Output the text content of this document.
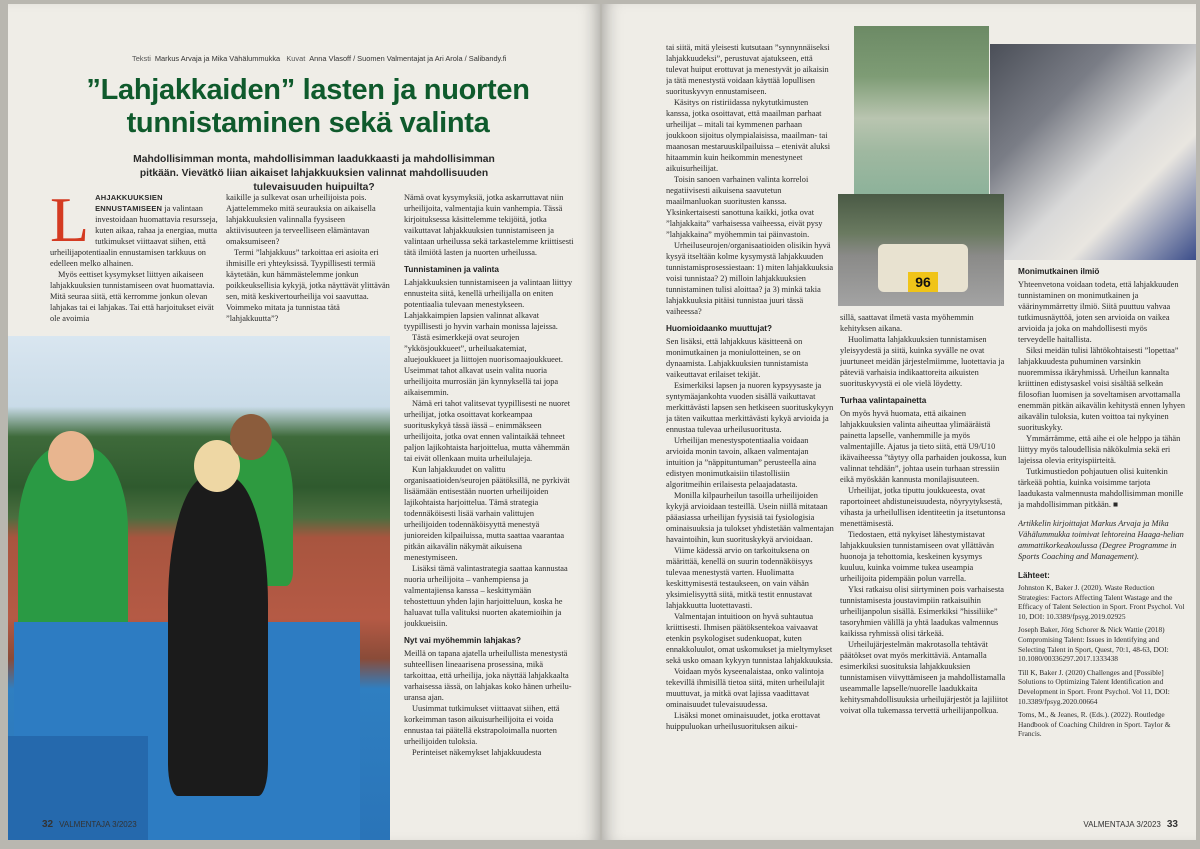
Teksti Markus Arvaja ja Mika Vähälummukka Kuvat Anna Vlasoff / Suomen Valmentajat ja Ari Arola / Salibandy.fi
”Lahjakkaiden” lasten ja nuorten tunnistaminen sekä valinta

Mahdollisimman monta, mahdollisimman laadukkaasti ja mahdollisimman pitkään. Vievätkö liian aikaiset lahjakkuuksien valinnat mahdollisuuden tulevaisuuden huipuilta?

L AHJAKKUUKSIEN ENNUSTAMISEEN ja valintaan investoidaan huomattavia resursseja, kuten aikaa, rahaa ja energiaa, mutta tutkimukset viittaavat siihen, että urheilijapotentiaalin ennustamisen tarkkuus on edelleen melko alhainen.

Myös eettiset kysymykset liittyen aikaiseen lahjakkuuksien tunnistamiseen ovat huomattavia. Mitä seuraa siitä, että kerromme jonkun olevan lahjakas tai ei lahjakas. Tai että harjoitukset eivät ole avoimia

kaikille ja sulkevat osan urheilijoista pois. Ajattelemmeko mitä seurauksia on aikaisella lahjakkuuksien valinnalla fyysiseen aktiivisuuteen ja terveelliseen elämäntavan omaksumiseen?

Termi ”lahjakkuus” tarkoittaa eri asioita eri ihmisille eri yhteyksissä. Tyypillisesti termiä käytetään, kun hämmästelemme jonkun poikkeuksellisia kykyjä, jotka näyttävät ylittävän sen, mitä keskivertourheilija voi saavuttaa. Voimmeko mitata ja tunnistaa tätä ”lahjakkuutta”?

Nämä ovat kysymyksiä, jotka askarruttavat niin urheilijoita, valmentajia kuin vanhempia. Tässä kirjoituksessa käsittelemme tekijöitä, jotka vaikuttavat lahjakkuuksien tunnistamiseen ja valintaan urheilussa sekä tarkastelemme kriittisesti tätä ilmiötä lasten ja nuorten urheilussa.

Tunnistaminen ja valinta

Lahjakkuuksien tunnistamiseen ja valintaan liittyy ennusteita siitä, kenellä urheilijalla on eniten potentiaalia tulevaan menestykseen. Lahjakkaimpien lapsien valinnat alkavat tyypillisesti jo hyvin varhain monissa lajeissa.

Tästä esimerkkejä ovat seurojen ”ykkösjoukkueet”, urheiluakatemiat, aluejoukkueet ja liittojen nuorisomaajoukkueet. Useimmat tahot alkavat usein valita nuoria urheilijoita murrosiän jän kynnyksellä tai jopa aikaisemmin.

Nämä eri tahot valitsevat tyypillisesti ne nuoret urheilijat, jotka osoittavat korkeampaa suorituskykyä tässä iässä – enimmäkseen urheilijoita, jotka ovat ennen valintaikää tehneet paljon lajikohtaista harjoittelua, mutta vähemmän tai eivät ollenkaan muita urheilulajeja.

Kun lahjakkuudet on valittu organisaatioiden/seurojen päätöksillä, ne pyrkivät lisäämään entisestään nuorten urheilijoiden lajikohtaista harjoittelua. Tämä strategia todennäköisesti lisää varhain valittujen urheilijoiden todennäköisyyttä menestyä junioreiden kilpailuissa, mutta saattaa vaarantaa pitkän aikavälin näkymät aikuisena menestymiseen.

Lisäksi tämä valintastrategia saattaa kannustaa nuoria urheilijoita – vanhempiensa ja valmentajiensa kanssa – keskittymään tehostettuun yhden lajin harjoitteluun, koska he haluavat tulla valituksi nuorten akatemioihin ja joukkueisiin.

Nyt vai myöhemmin lahjakas?

Meillä on tapana ajatella urheilullista menestystä suhteellisen lineaarisena prosessina, mikä tarkoittaa, että urheilija, joka näyttää lahjakkaalta varhaisessa iässä, on lahjakas koko hänen urheilu-uransa ajan.

Uusimmat tutkimukset viittaavat siihen, että korkeimman tason aikuisurheilijoita ei voida ennustaa tai päätellä ekstrapoloimalla nuorten urheilijoiden tuloksia.

Perinteiset näkemykset lahjakkuudesta

32 VALMENTAJA 3/2023

tai siitä, mitä yleisesti kutsutaan ”synnynnäiseksi lahjakkuudeksi”, perustuvat ajatukseen, että tulevat huiput erottuvat ja menestyvät jo aikaisin ja tätä menestystä voidaan käyttää lopullisen suorituskyvyn ennustamiseen.

Käsitys on ristiriidassa nykytutkimusten kanssa, jotka osoittavat, että maailman parhaat urheilijat – mitali tai kymmenen parhaan joukkoon sijoitus olympialaisissa, maailman- tai maanosan mestaruuskilpailuissa – etenivät aluksi hitaammin kuin heikommin menestyneet aikuisurheilijat.

Toisin sanoen varhainen valinta korreloi negatiivisesti aikuisena saavutetun maailmanluokan suoritusten kanssa. Yksinkertaisesti sanottuna kaikki, jotka ovat ”lahjakkaita” varhaisessa vaiheessa, eivät pysy ”lahjakkaina” myöhemmin tai päinvastoin.

Urheiluseurojen/organisaatioiden olisikin hyvä kysyä itseltään kolme kysymystä lahjakkuuden tunnistamisprosessiestaan: 1) miten lahjakkuuksia voisi tunnistaa? 2) milloin lahjakkuuksien tunnistaminen tulisi aloittaa? ja 3) minkä takia lahjakkuuksia pitäisi tunnistaa juuri tässä vaiheessa?

Huomioidaanko muuttujat?

Sen lisäksi, että lahjakkuus käsitteenä on monimutkainen ja moniulotteinen, se on dynaamista. Lahjakkuuksien tunnistamista vaikeuttavat erilaiset tekijät.

Esimerkiksi lapsen ja nuoren kypsyysaste ja syntymäajankohta vuoden sisällä vaikuttavat merkittävästi lapsen sen hetkiseen suorituskykyyn ja täten vaikuttaa merkittävästi kykyä arvioida ja ennustaa tulevaa urheilusuoritusta.

Urheilijan menestyspotentiaalia voidaan arvioida monin tavoin, alkaen valmentajan intuition ja ”näppituntuman” perusteella aina edistyen monimutkaisiin tilastollisiin algoritmeihin erilaisesta pelaajadatasta.

Monilla kilpaurheilun tasoilla urheilijoiden kykyjä arvioidaan testeillä. Usein niillä mitataan pääasiassa urheilijan fyysisiä tai fysiologisia ominaisuuksia ja tulokset yhdistetään valmentajan havaintoihin, kun suorituskykyä arvioidaan.

Viime kädessä arvio on tarkoituksena on määrittää, kenellä on suurin todennäköisyys tulevaa menestystä varten. Huolimatta keskittymisestä testaukseen, on vain vähän yksimielisyyttä siitä, mitkä testit ennustavat lahjakkuutta luotettavasti.

Valmentajan intuitioon on hyvä suhtautua kriittisesti. Ihmisen päätöksentekoa vaivaavat etenkin psykologiset sudenkuopat, kuten ennakkoluulot, omat uskomukset ja mieltymykset sekä usko omaan kykyyn tunnistaa lahjakkuuksia.

Voidaan myös kyseenalaistaa, onko valintoja tekevillä ihmisillä tietoa siitä, miten urheilulajit muuttuvat, ja mitkä ovat lajissa vaadittavat ominaisuudet tulevaisuudessa.

Lisäksi monet ominaisuudet, jotka erottavat huippuluokan urheilusuorituksen aikui-

sillä, saattavat ilmetä vasta myöhemmin kehityksen aikana.

Huolimatta lahjakkuuksien tunnistamisen yleisyydestä ja siitä, kuinka syvälle ne ovat juurtuneet meidän järjestelmiimme, luotettavia ja päteviä varhaisia indikaattoreita aikuisten suorituskyvystä ei ole vielä löydetty.

Turhaa valintapainetta

On myös hyvä huomata, että aikainen lahjakkuuksien valinta aiheuttaa ylimääräistä painetta lapselle, vanhemmille ja myös valmentajille. Ajatus ja tieto siitä, että U9/U10 ikävaiheessa ”täytyy olla parhaiden joukossa, kun valinnat tehdään”, johtaa usein turhaan stressiin eikä myöskään kannusta monilajisuuteen.

Urheilijat, jotka tiputtu joukkueesta, ovat raportoineet ahdistuneisuudesta, nöyryytyksestä, vihasta ja urheilullisen identiteetin ja itsetuntonsa menettämisestä.

Tiedostaen, että nykyiset lähestymistavat lahjakkuuksien tunnistamiseen ovat yllättävän huonoja ja tehottomia, keskeinen kysymys kuuluu, kuinka voimme tukea useampia urheilijoita pidempään polun varrella.

Yksi ratkaisu olisi siirtyminen pois varhaisesta tunnistamisesta joustavimpiin ratkaisuihin urheilijanpolun sisällä. Esimerkiksi ”hissiliike” tasoryhmien välillä ja yhtä laadukas valmennus kaikissa ryhmissä olisi tärkeää.

Urheilujärjestelmän makrotasolla tehtävät päätökset ovat myös merkittäviä. Antamalla esimerkiksi suosituksia lahjakkuuksien tunnistamisen viivyttämiseen ja mahdollistamalla useammalle lapselle/nuorelle laadukkaita kehitysmahdollisuuksia urheilujärjestöt ja lajiliitot voivat olla tukemassa tervettä urheilijanpolkua.

Monimutkainen ilmiö

Yhteenvetona voidaan todeta, että lahjakkuuden tunnistaminen on monimutkainen ja väärinymmärretty ilmiö. Siitä puuttuu vahvaa tutkimusnäyttöä, joten sen arvioida on vaikea arvioida ja joka on mahdollisesti myös terveydelle haitallista.

Siksi meidän tulisi lähtökohtaisesti ”lopettaa” lahjakkuudesta puhuminen varsinkin nuoremmissa ikäryhmissä. Urheilun kannalta kriittinen edistysaskel voisi sisältää selkeän filosofian luomisen ja soveltamisen arvottamalla enemmän pitkän aikavälin kehitystä ennen lyhyen aikavälin tuloksia, kuten voittoa tai nykyinen suorituskyky.

Ymmärrämme, että aihe ei ole helppo ja tähän liittyy myös taloudellisia näkökulmia sekä eri lajeissa olevia erityispiirteitä.

Tutkimustiedon pohjautuen olisi kuitenkin tärkeää pohtia, kuinka voisimme tarjota laadukasta valmennusta mahdollisimman monille ja mahdollisimman pitkään. ■

Artikkelin kirjoittajat Markus Arvaja ja Mika Vähälummukka toimivat lehtoreina Haaga-helian ammattikorkeakoulussa (Degree Programme in Sports Coaching and Management).

Lähteet:

Johnston K, Baker J. (2020). Waste Reduction Strategies: Factors Affecting Talent Wastage and the Efficacy of Talent Selection in Sport. Front Psychol. Vol 10, DOI: 10.3389/fpsyg.2019.02925

Joseph Baker, Jörg Schorer & Nick Wattie (2018) Compromising Talent: Issues in Identifying and Selecting Talent in Sport, Quest, 70:1, 48-63, DOI: 10.1080/00336297.2017.1333438

Till K, Baker J. (2020) Challenges and [Possible] Solutions to Optimizing Talent Identification and Development in Sport. Front Psychol. Vol 11, DOI: 10.3389/fpsyg.2020.00664

Toms, M., & Jeanes, R. (Eds.). (2022). Routledge Handbook of Coaching Children in Sport. Taylor & Francis.

96
VALMENTAJA 3/2023 33
